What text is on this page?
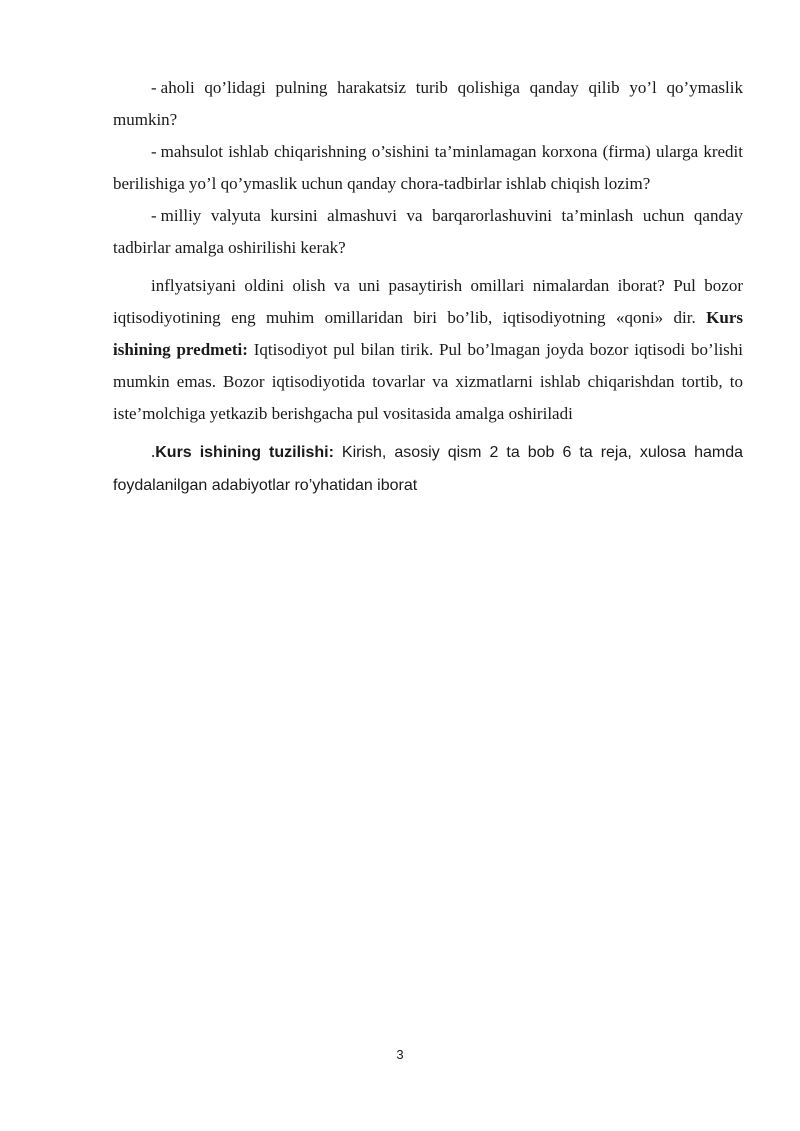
- aholi qo’lidagi pulning harakatsiz turib qolishiga qanday qilib yo’l qo’ymaslik mumkin?

- mahsulot ishlab chiqarishning o’sishini ta’minlamagan korxona (firma) ularga kredit berilishiga yo’l qo’ymaslik uchun qanday chora-tadbirlar ishlab chiqish lozim?

- milliy valyuta kursini almashuvi va barqarorlashuvini ta’minlash uchun qanday tadbirlar amalga oshirilishi kerak?

inflyatsiyani oldini olish va uni pasaytirish omillari nimalardan iborat? Pul bozor iqtisodiyotining eng muhim omillaridan biri bo’lib, iqtisodiyotning «qoni» dir. Kurs ishining predmeti: Iqtisodiyot pul bilan tirik. Pul bo’lmagan joyda bozor iqtisodi bo’lishi mumkin emas. Bozor iqtisodiyotida tovarlar va xizmatlarni ishlab chiqarishdan tortib, to iste’molchiga yetkazib berishgacha pul vositasida amalga oshiriladi

.Kurs ishining tuzilishi: Kirish, asosiy qism 2 ta bob 6 ta reja, xulosa hamda foydalanilgan adabiyotlar ro’yhatidan iborat

3
